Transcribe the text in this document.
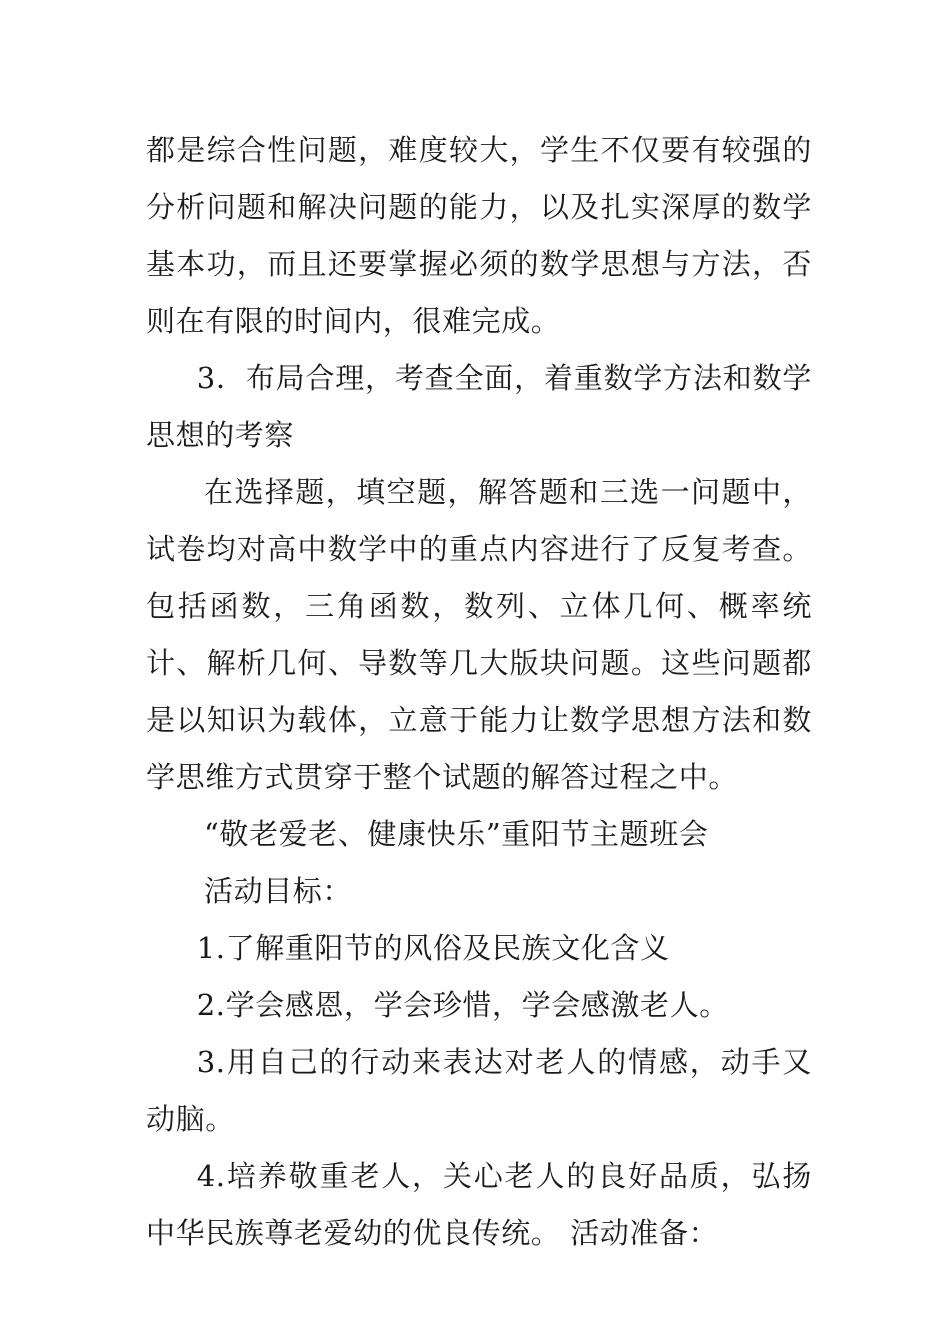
都是综合性问题，难度较大，学生不仅要有较强的分析问题和解决问题的能力，以及扎实深厚的数学基本功，而且还要掌握必须的数学思想与方法，否则在有限的时间内，很难完成。

3．布局合理，考查全面，着重数学方法和数学思想的考察

在选择题，填空题，解答题和三选一问题中，试卷均对高中数学中的重点内容进行了反复考查。包括函数，三角函数，数列、立体几何、概率统计、解析几何、导数等几大版块问题。这些问题都是以知识为载体，立意于能力让数学思想方法和数学思维方式贯穿于整个试题的解答过程之中。

“敬老爱老、健康快乐”重阳节主题班会

活动目标：

1.了解重阳节的风俗及民族文化含义

2.学会感恩，学会珍惜，学会感激老人。

3.用自己的行动来表达对老人的情感，动手又动脑。

4.培养敬重老人，关心老人的良好品质，弘扬中华民族尊老爱幼的优良传统。 活动准备：
